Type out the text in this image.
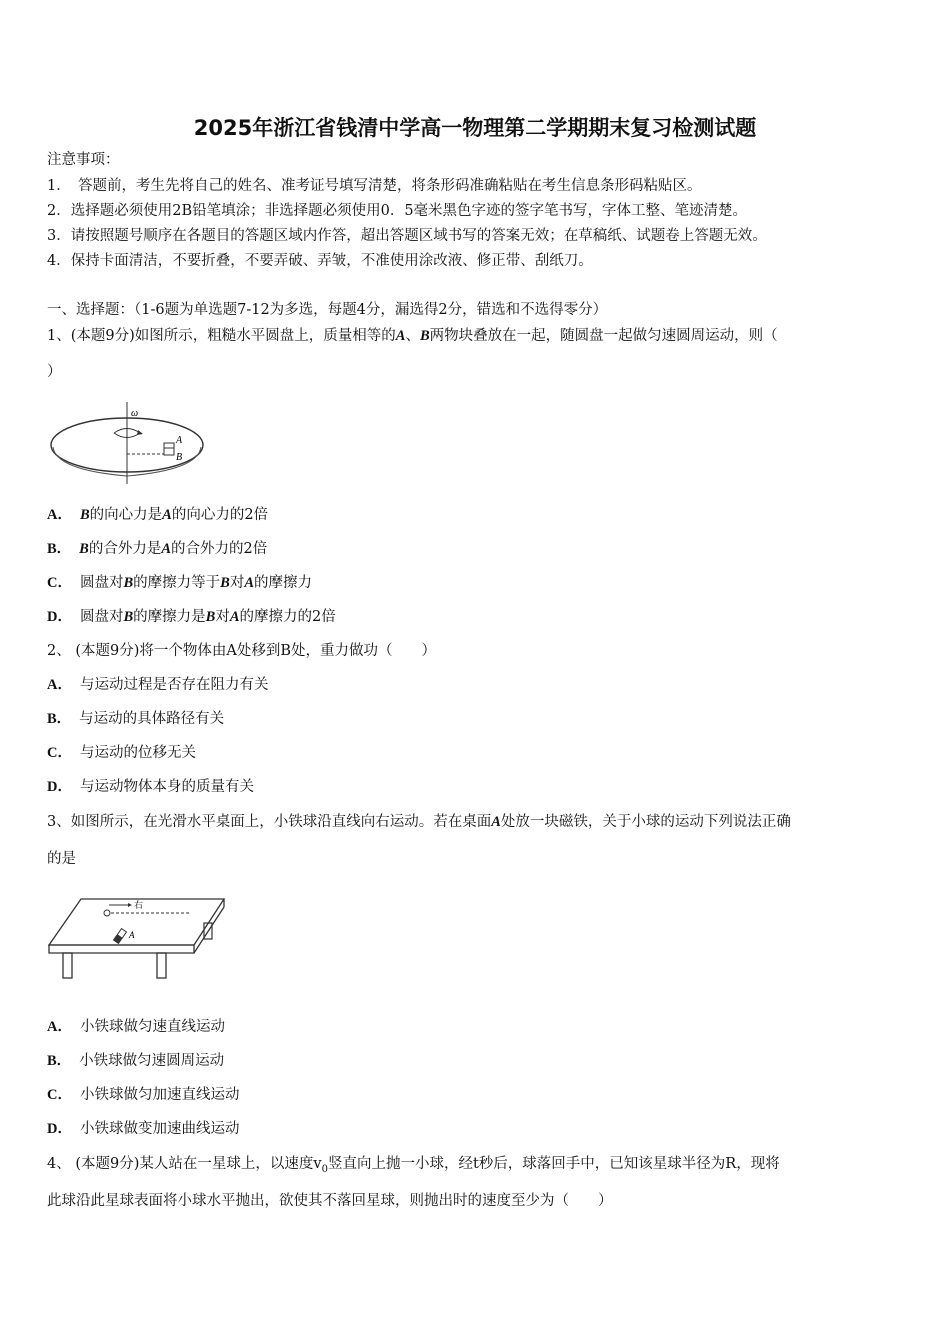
2025年浙江省钱清中学高一物理第二学期期末复习检测试题
注意事项：
1．　答题前，考生先将自己的姓名、准考证号填写清楚，将条形码准确粘贴在考生信息条形码粘贴区。
2．选择题必须使用2B铅笔填涂；非选择题必须使用0．5毫米黑色字迹的签字笔书写，字体工整、笔迹清楚。
3．请按照题号顺序在各题目的答题区域内作答，超出答题区域书写的答案无效；在草稿纸、试题卷上答题无效。
4．保持卡面清洁，不要折叠，不要弄破、弄皱，不准使用涂改液、修正带、刮纸刀。
一、选择题：（1-6题为单选题7-12为多选，每题4分，漏选得2分，错选和不选得零分）
1、(本题9分)如图所示，粗糙水平圆盘上，质量相等的A、B两物块叠放在一起，随圆盘一起做匀速圆周运动，则（
）
ω
A
B
A． B的向心力是A的向心力的2倍
B． B的合外力是A的合外力的2倍
C． 圆盘对B的摩擦力等于B对A的摩擦力
D． 圆盘对B的摩擦力是B对A的摩擦力的2倍
2、 (本题9分)将一个物体由A处移到B处，重力做功（　　）
A． 与运动过程是否存在阻力有关
B． 与运动的具体路径有关
C． 与运动的位移无关
D． 与运动物体本身的质量有关
3、如图所示，在光滑水平桌面上，小铁球沿直线向右运动。若在桌面A处放一块磁铁，关于小球的运动下列说法正确
的是
右
A
A． 小铁球做匀速直线运动
B． 小铁球做匀速圆周运动
C． 小铁球做匀加速直线运动
D． 小铁球做变加速曲线运动
4、 (本题9分)某人站在一星球上，以速度$v_0$竖直向上抛一小球，经t秒后，球落回手中，已知该星球半径为R，现将
此球沿此星球表面将小球水平抛出，欲使其不落回星球，则抛出时的速度至少为（　　）
